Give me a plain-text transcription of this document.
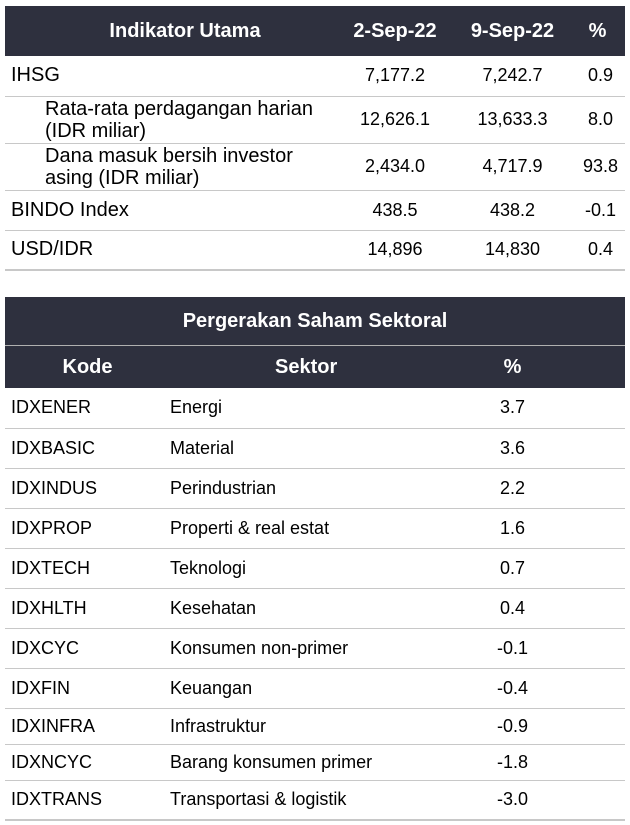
Indikator Utama	2-Sep-22	9-Sep-22	%
IHSG	7,177.2	7,242.7	0.9
Rata-rata perdagangan harian (IDR miliar)	12,626.1	13,633.3	8.0
Dana masuk bersih investor asing (IDR miliar)	2,434.0	4,717.9	93.8
BINDO Index	438.5	438.2	-0.1
USD/IDR	14,896	14,830	0.4
Pergerakan Saham Sektoral		
Kode	Sektor	%
IDXENER	Energi	3.7
IDXBASIC	Material	3.6
IDXINDUS	Perindustrian	2.2
IDXPROP	Properti & real estat	1.6
IDXTECH	Teknologi	0.7
IDXHLTH	Kesehatan	0.4
IDXCYC	Konsumen non-primer	-0.1
IDXFIN	Keuangan	-0.4
IDXINFRA	Infrastruktur	-0.9
IDXNCYC	Barang konsumen primer	-1.8
IDXTRANS	Transportasi & logistik	-3.0
